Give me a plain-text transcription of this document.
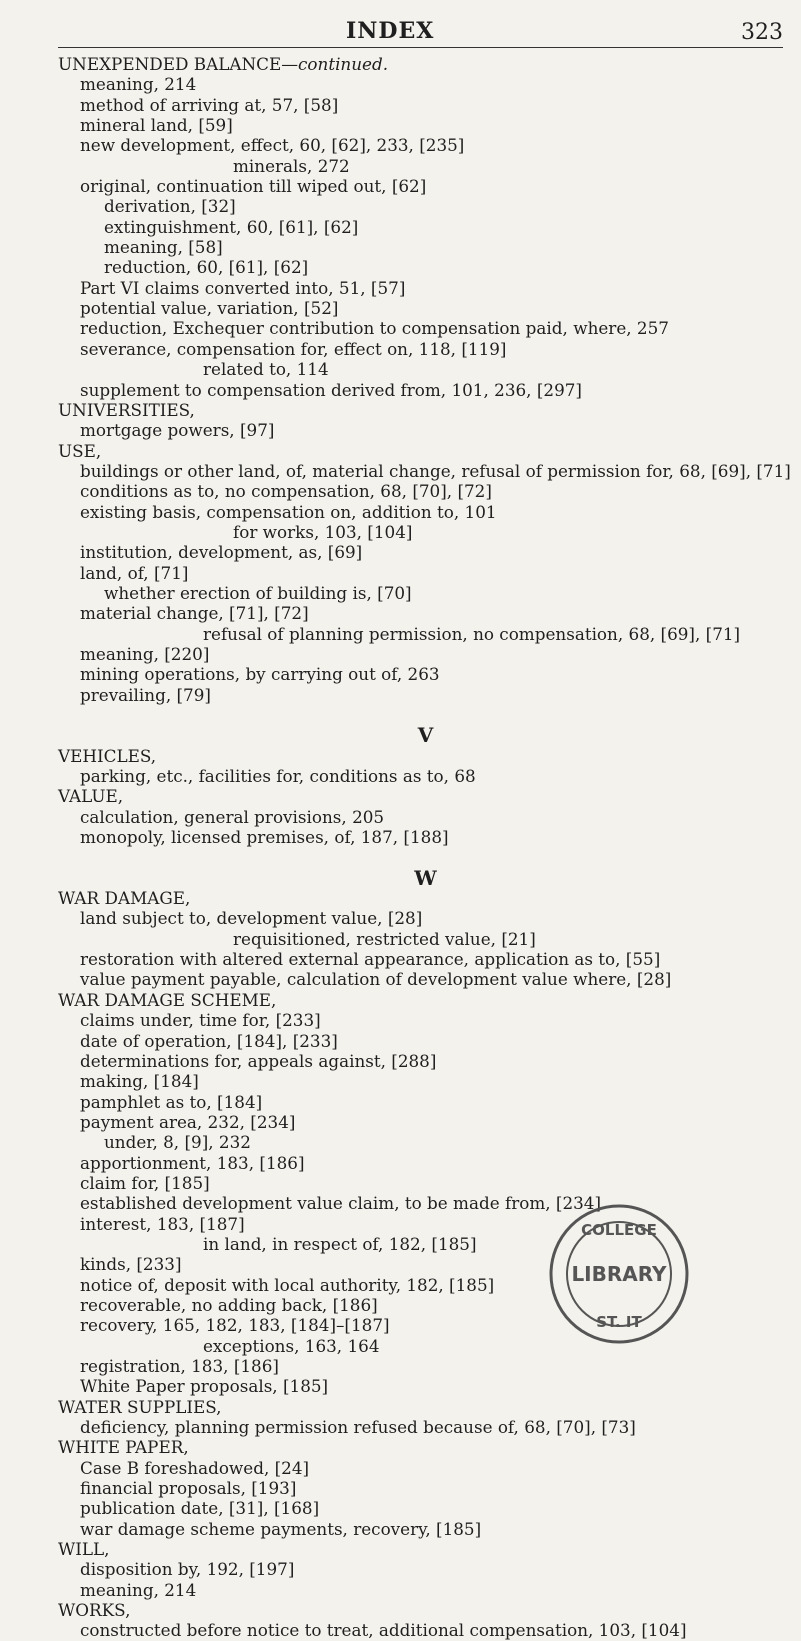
INDEX	323
UNEXPENDED BALANCE—continued.
meaning, 214
method of arriving at, 57, [58]
mineral land, [59]
new development, effect, 60, [62], 233, [235]
minerals, 272
original, continuation till wiped out, [62]
derivation, [32]
extinguishment, 60, [61], [62]
meaning, [58]
reduction, 60, [61], [62]
Part VI claims converted into, 51, [57]
potential value, variation, [52]
reduction, Exchequer contribution to compensation paid, where, 257
severance, compensation for, effect on, 118, [119]
related to, 114
supplement to compensation derived from, 101, 236, [297]
UNIVERSITIES,
mortgage powers, [97]
USE,
buildings or other land, of, material change, refusal of permission for, 68, [69], [71]
conditions as to, no compensation, 68, [70], [72]
existing basis, compensation on, addition to, 101
for works, 103, [104]
institution, development, as, [69]
land, of, [71]
whether erection of building is, [70]
material change, [71], [72]
refusal of planning permission, no compensation, 68, [69], [71]
meaning, [220]
mining operations, by carrying out of, 263
prevailing, [79]
V
VEHICLES,
parking, etc., facilities for, conditions as to, 68
VALUE,
calculation, general provisions, 205
monopoly, licensed premises, of, 187, [188]
W
WAR DAMAGE,
land subject to, development value, [28]
requisitioned, restricted value, [21]
restoration with altered external appearance, application as to, [55]
value payment payable, calculation of development value where, [28]
WAR DAMAGE SCHEME,
claims under, time for, [233]
date of operation, [184], [233]
determinations for, appeals against, [288]
making, [184]
pamphlet as to, [184]
payment area, 232, [234]
under, 8, [9], 232
apportionment, 183, [186]
claim for, [185]
established development value claim, to be made from, [234]
interest, 183, [187]
in land, in respect of, 182, [185]
kinds, [233]
notice of, deposit with local authority, 182, [185]
recoverable, no adding back, [186]
recovery, 165, 182, 183, [184]–[187]
exceptions, 163, 164
registration, 183, [186]
White Paper proposals, [185]
WATER SUPPLIES,
deficiency, planning permission refused because of, 68, [70], [73]
WHITE PAPER,
Case B foreshadowed, [24]
financial proposals, [193]
publication date, [31], [168]
war damage scheme payments, recovery, [185]
WILL,
disposition by, 192, [197]
meaning, 214
WORKS,
constructed before notice to treat, additional compensation, 103, [104]
COLLEGE
LIBRARY
ST. IT
